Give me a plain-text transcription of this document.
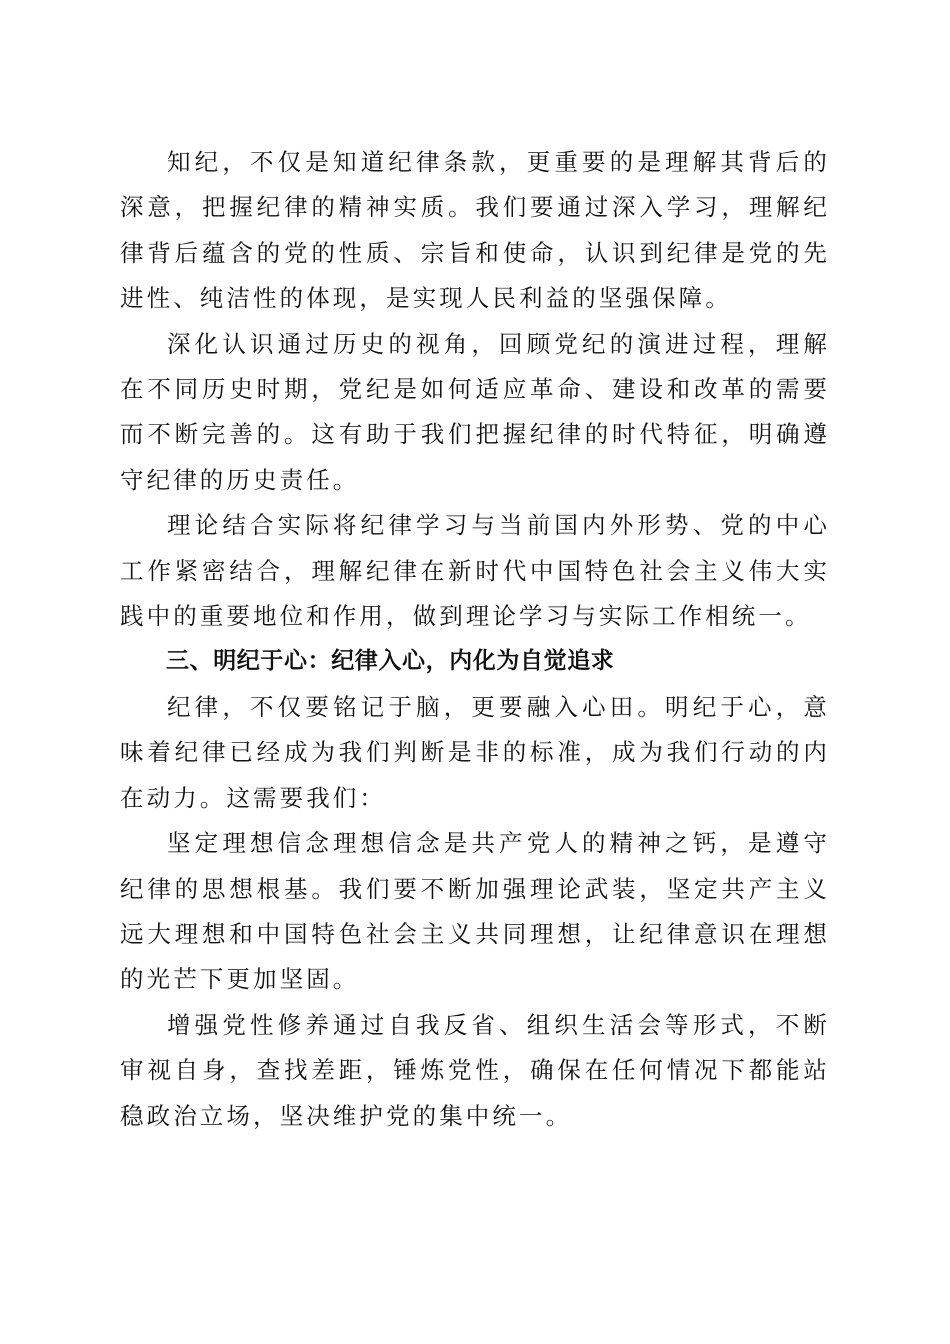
知纪，不仅是知道纪律条款，更重要的是理解其背后的深意，把握纪律的精神实质。我们要通过深入学习，理解纪律背后蕴含的党的性质、宗旨和使命，认识到纪律是党的先进性、纯洁性的体现，是实现人民利益的坚强保障。

深化认识通过历史的视角，回顾党纪的演进过程，理解在不同历史时期，党纪是如何适应革命、建设和改革的需要而不断完善的。这有助于我们把握纪律的时代特征，明确遵守纪律的历史责任。

理论结合实际将纪律学习与当前国内外形势、党的中心工作紧密结合，理解纪律在新时代中国特色社会主义伟大实践中的重要地位和作用，做到理论学习与实际工作相统一。

三、明纪于心：纪律入心，内化为自觉追求

纪律，不仅要铭记于脑，更要融入心田。明纪于心，意味着纪律已经成为我们判断是非的标准，成为我们行动的内在动力。这需要我们：

坚定理想信念理想信念是共产党人的精神之钙，是遵守纪律的思想根基。我们要不断加强理论武装，坚定共产主义远大理想和中国特色社会主义共同理想，让纪律意识在理想的光芒下更加坚固。

增强党性修养通过自我反省、组织生活会等形式，不断审视自身，查找差距，锤炼党性，确保在任何情况下都能站稳政治立场，坚决维护党的集中统一。
